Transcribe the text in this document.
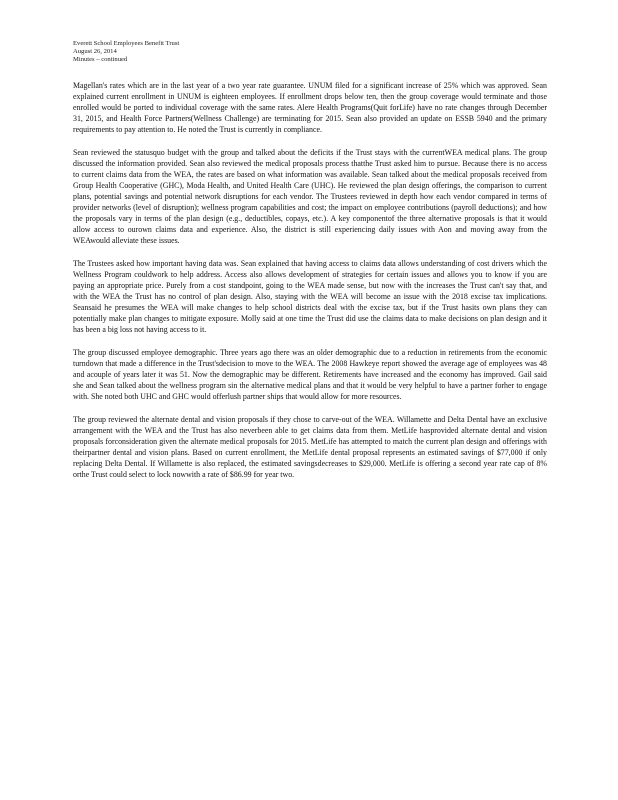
Everett School Employees Benefit Trust
August 26, 2014
Minutes – continued

Magellan's rates which are in the last year of a two year rate guarantee. UNUM filed for a significant increase of 25% which was approved. Sean explained current enrollment in UNUM is eighteen employees. If enrollment drops below ten, then the group coverage would terminate and those enrolled would be ported to individual coverage with the same rates. Alere Health Programs(Quit forLife) have no rate changes through December 31, 2015, and Health Force Partners(Wellness Challenge) are terminating for 2015. Sean also provided an update on ESSB 5940 and the primary requirements to pay attention to. He noted the Trust is currently in compliance.

Sean reviewed the statusquo budget with the group and talked about the deficits if the Trust stays with the currentWEA medical plans. The group discussed the information provided. Sean also reviewed the medical proposals process thatthe Trust asked him to pursue. Because there is no access to current claims data from the WEA, the rates are based on what information was available. Sean talked about the medical proposals received from Group Health Cooperative (GHC), Moda Health, and United Health Care (UHC). He reviewed the plan design offerings, the comparison to current plans, potential savings and potential network disruptions for each vendor. The Trustees reviewed in depth how each vendor compared in terms of provider networks (level of disruption); wellness program capabilities and cost; the impact on employee contributions (payroll deductions); and how the proposals vary in terms of the plan design (e.g., deductibles, copays, etc.). A key componentof the three alternative proposals is that it would allow access to ourown claims data and experience. Also, the district is still experiencing daily issues with Aon and moving away from the WEAwould alleviate these issues.

The Trustees asked how important having data was. Sean explained that having access to claims data allows understanding of cost drivers which the Wellness Program couldwork to help address. Access also allows development of strategies for certain issues and allows you to know if you are paying an appropriate price. Purely from a cost standpoint, going to the WEA made sense, but now with the increases the Trust can't say that, and with the WEA the Trust has no control of plan design. Also, staying with the WEA will become an issue with the 2018 excise tax implications. Seansaid he presumes the WEA will make changes to help school districts deal with the excise tax, but if the Trust hasits own plans they can potentially make plan changes to mitigate exposure. Molly said at one time the Trust did use the claims data to make decisions on plan design and it has been a big loss not having access to it.

The group discussed employee demographic. Three years ago there was an older demographic due to a reduction in retirements from the economic turndown that made a difference in the Trust'sdecision to move to the WEA. The 2008 Hawkeye report showed the average age of employees was 48 and acouple of years later it was 51. Now the demographic may be different. Retirements have increased and the economy has improved. Gail said she and Sean talked about the wellness program sin the alternative medical plans and that it would be very helpful to have a partner forher to engage with. She noted both UHC and GHC would offerlush partner ships that would allow for more resources.

The group reviewed the alternate dental and vision proposals if they chose to carve-out of the WEA. Willamette and Delta Dental have an exclusive arrangement with the WEA and the Trust has also neverbeen able to get claims data from them. MetLife hasprovided alternate dental and vision proposals forconsideration given the alternate medical proposals for 2015. MetLife has attempted to match the current plan design and offerings with theirpartner dental and vision plans. Based on current enrollment, the MetLife dental proposal represents an estimated savings of $77,000 if only replacing Delta Dental. If Willamette is also replaced, the estimated savingsdecreases to $29,000. MetLife is offering a second year rate cap of 8% orthe Trust could select to lock nowwith a rate of $86.99 for year two.
